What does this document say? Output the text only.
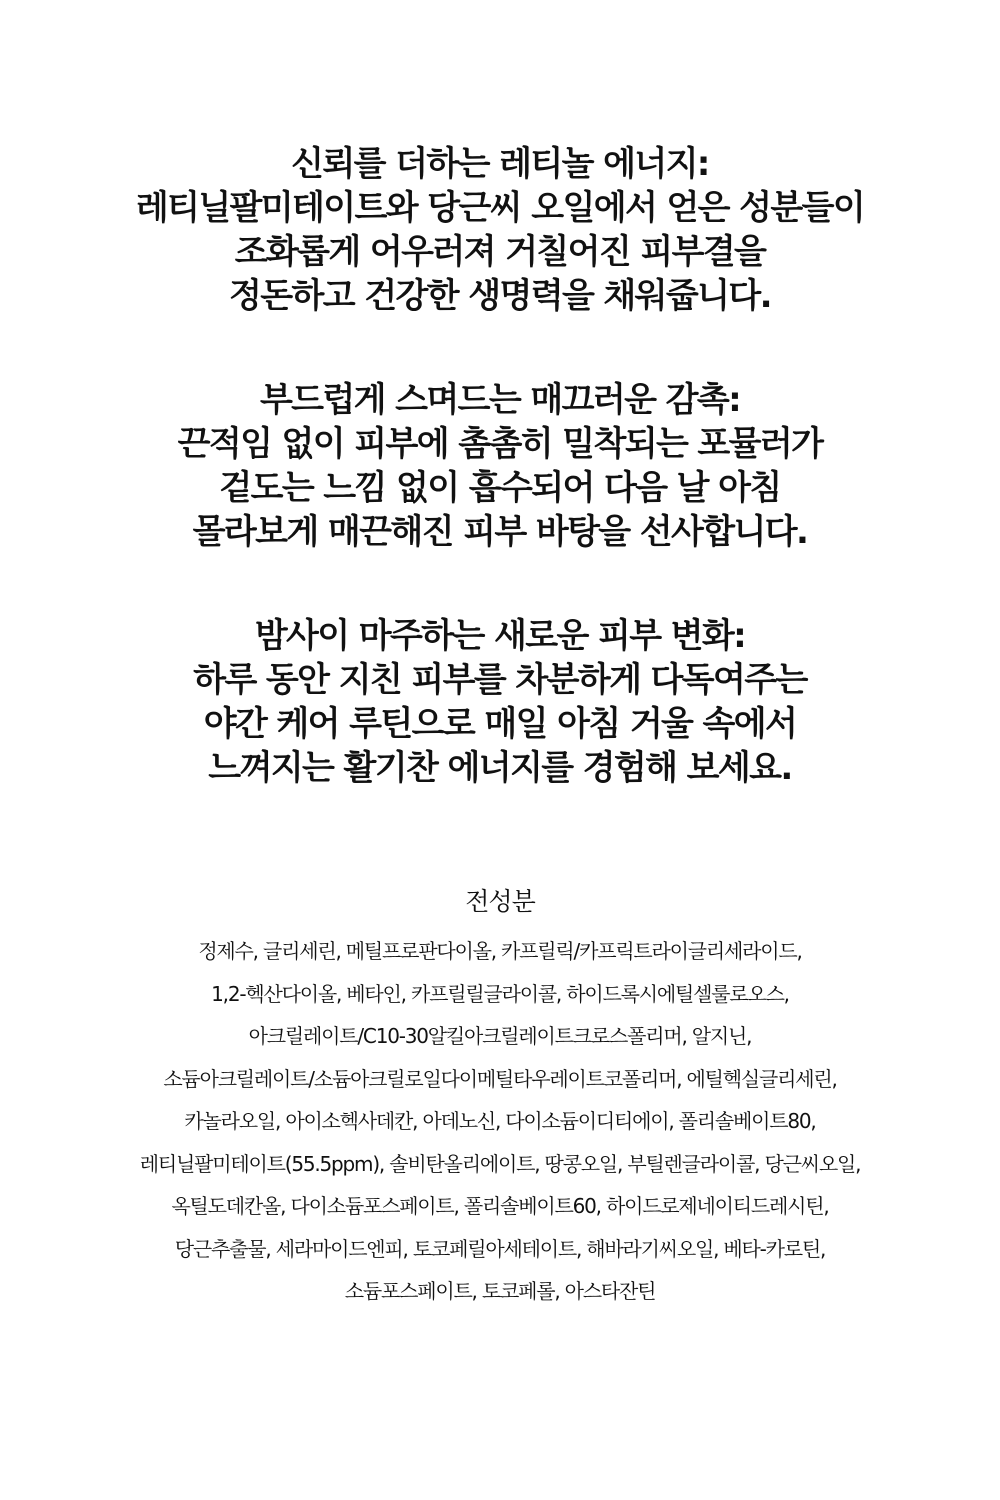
신뢰를 더하는 레티놀 에너지:
레티닐팔미테이트와 당근씨 오일에서 얻은 성분들이
조화롭게 어우러져 거칠어진 피부결을
정돈하고 건강한 생명력을 채워줍니다.

부드럽게 스며드는 매끄러운 감촉:
끈적임 없이 피부에 촘촘히 밀착되는 포뮬러가
겉도는 느낌 없이 흡수되어 다음 날 아침
몰라보게 매끈해진 피부 바탕을 선사합니다.

밤사이 마주하는 새로운 피부 변화:
하루 동안 지친 피부를 차분하게 다독여주는
야간 케어 루틴으로 매일 아침 거울 속에서
느껴지는 활기찬 에너지를 경험해 보세요.

전성분
정제수, 글리세린, 메틸프로판다이올, 카프릴릭/카프릭트라이글리세라이드,
1,2-헥산다이올, 베타인, 카프릴릴글라이콜, 하이드록시에틸셀룰로오스,
아크릴레이트/C10-30알킬아크릴레이트크로스폴리머, 알지닌,
소듐아크릴레이트/소듐아크릴로일다이메틸타우레이트코폴리머, 에틸헥실글리세린,
카놀라오일, 아이소헥사데칸, 아데노신, 다이소듐이디티에이, 폴리솔베이트80,
레티닐팔미테이트(55.5ppm), 솔비탄올리에이트, 땅콩오일, 부틸렌글라이콜, 당근씨오일,
옥틸도데칸올, 다이소듐포스페이트, 폴리솔베이트60, 하이드로제네이티드레시틴,
당근추출물, 세라마이드엔피, 토코페릴아세테이트, 해바라기씨오일, 베타-카로틴,
소듐포스페이트, 토코페롤, 아스타잔틴
